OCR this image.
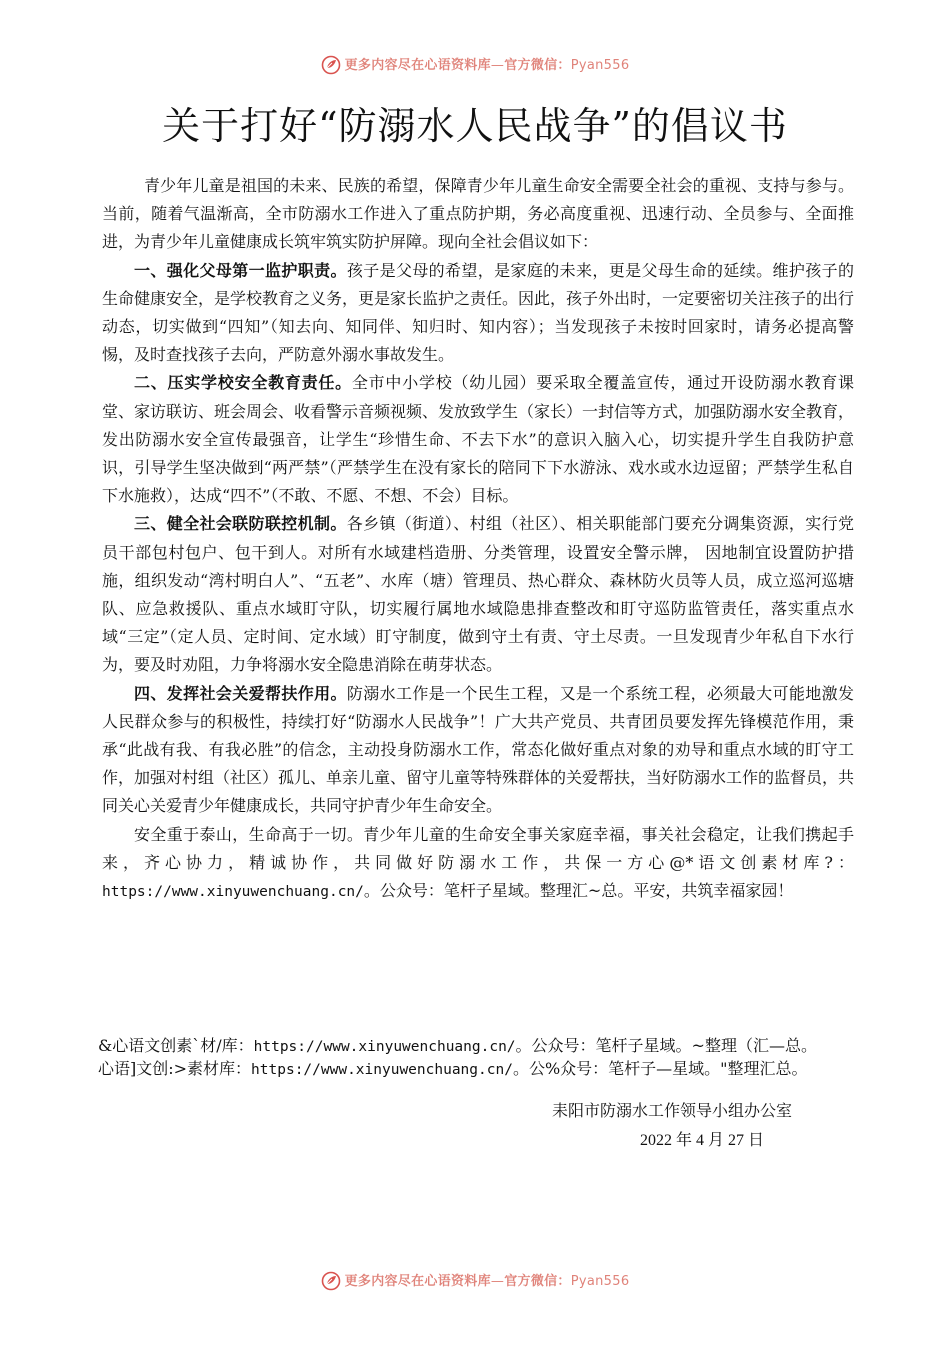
更多内容尽在心语资料库—官方微信：Pyan556
关于打好“防溺水人民战争”的倡议书

青少年儿童是祖国的未来、民族的希望，保障青少年儿童生命安全需要全社会的重视、支持与参与。当前，随着气温渐高，全市防溺水工作进入了重点防护期，务必高度重视、迅速行动、全员参与、全面推进，为青少年儿童健康成长筑牢筑实防护屏障。现向全社会倡议如下：

一、强化父母第一监护职责。孩子是父母的希望，是家庭的未来，更是父母生命的延续。维护孩子的生命健康安全，是学校教育之义务，更是家长监护之责任。因此，孩子外出时，一定要密切关注孩子的出行动态，切实做到“四知”（知去向、知同伴、知归时、知内容）；当发现孩子未按时回家时，请务必提高警惕，及时查找孩子去向，严防意外溺水事故发生。

二、压实学校安全教育责任。全市中小学校（幼儿园）要采取全覆盖宣传，通过开设防溺水教育课堂、家访联访、班会周会、收看警示音频视频、发放致学生（家长）一封信等方式，加强防溺水安全教育，发出防溺水安全宣传最强音，让学生“珍惜生命、不去下水”的意识入脑入心，切实提升学生自我防护意识，引导学生坚决做到“两严禁”（严禁学生在没有家长的陪同下下水游泳、戏水或水边逗留；严禁学生私自下水施救），达成“四不”（不敢、不愿、不想、不会）目标。

三、健全社会联防联控机制。各乡镇（街道）、村组（社区）、相关职能部门要充分调集资源，实行党员干部包村包户、包干到人。对所有水域建档造册、分类管理，设置安全警示牌， 因地制宜设置防护措施，组织发动“湾村明白人”、“五老”、水库（塘）管理员、热心群众、森林防火员等人员，成立巡河巡塘队、应急救援队、重点水域盯守队，切实履行属地水域隐患排查整改和盯守巡防监管责任，落实重点水域“三定”（定人员、定时间、定水域）盯守制度，做到守土有责、守土尽责。一旦发现青少年私自下水行为，要及时劝阻，力争将溺水安全隐患消除在萌芽状态。

四、发挥社会关爱帮扶作用。防溺水工作是一个民生工程，又是一个系统工程，必须最大可能地激发人民群众参与的积极性，持续打好“防溺水人民战争”！广大共产党员、共青团员要发挥先锋模范作用，秉承“此战有我、有我必胜”的信念，主动投身防溺水工作，常态化做好重点对象的劝导和重点水域的盯守工作，加强对村组（社区）孤儿、单亲儿童、留守儿童等特殊群体的关爱帮扶，当好防溺水工作的监督员，共同关心关爱青少年健康成长，共同守护青少年生命安全。

安全重于泰山，生命高于一切。青少年儿童的生命安全事关家庭幸福，事关社会稳定，让我们携起手来，齐心协力，精诚协作，共同做好防溺水工作，共保一方心@*语文创素材库?：https://www.xinyuwenchuang.cn/。公众号：笔杆子星域。整理汇~总。平安，共筑幸福家园！

&心语文创素`材/库：https://www.xinyuwenchuang.cn/。公众号：笔杆子星域。~整理（汇—总。
心语]文创:>素材库：https://www.xinyuwenchuang.cn/。公%众号：笔杆子—星域。"整理汇总。
耒阳市防溺水工作领导小组办公室
2022 年 4 月 27 日
更多内容尽在心语资料库—官方微信：Pyan556
